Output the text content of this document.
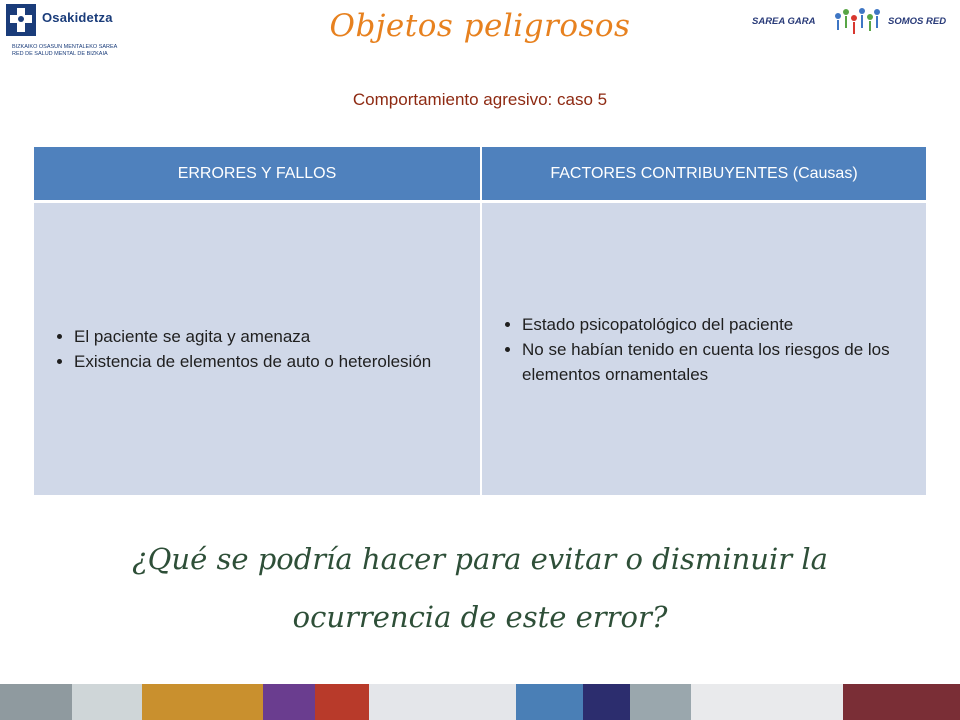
Osakidetza
BIZKAIKO OSASUN MENTALEKO SAREA
RED DE SALUD MENTAL DE BIZKAIA
SAREA GARA	SOMOS RED
Objetos peligrosos
Comportamiento agresivo: caso 5
ERRORES Y FALLOS	FACTORES CONTRIBUYENTES (Causas)
• El paciente se agita y amenaza
• Existencia de elementos de auto o heterolesión
• Estado psicopatológico del paciente
• No se habían tenido en cuenta los riesgos de los elementos ornamentales
¿Qué se podría hacer para evitar o disminuir la
ocurrencia de este error?
